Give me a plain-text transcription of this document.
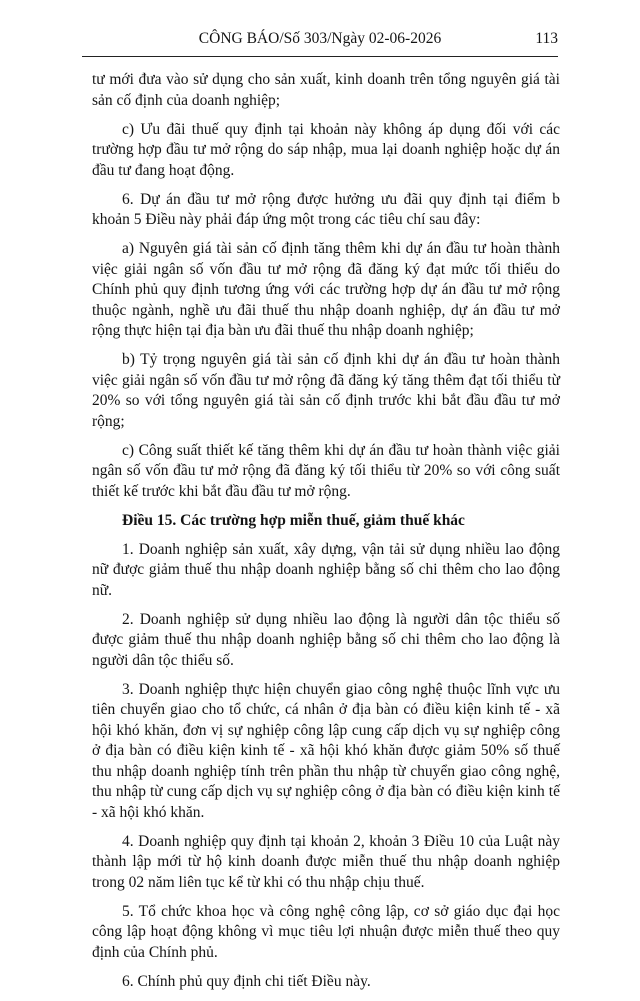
CÔNG BÁO/Số 303/Ngày 02-06-2026	113

tư mới đưa vào sử dụng cho sản xuất, kinh doanh trên tổng nguyên giá tài sản cố định của doanh nghiệp;

c) Ưu đãi thuế quy định tại khoản này không áp dụng đối với các trường hợp đầu tư mở rộng do sáp nhập, mua lại doanh nghiệp hoặc dự án đầu tư đang hoạt động.

6. Dự án đầu tư mở rộng được hưởng ưu đãi quy định tại điểm b khoản 5 Điều này phải đáp ứng một trong các tiêu chí sau đây:

a) Nguyên giá tài sản cố định tăng thêm khi dự án đầu tư hoàn thành việc giải ngân số vốn đầu tư mở rộng đã đăng ký đạt mức tối thiểu do Chính phủ quy định tương ứng với các trường hợp dự án đầu tư mở rộng thuộc ngành, nghề ưu đãi thuế thu nhập doanh nghiệp, dự án đầu tư mở rộng thực hiện tại địa bàn ưu đãi thuế thu nhập doanh nghiệp;

b) Tỷ trọng nguyên giá tài sản cố định khi dự án đầu tư hoàn thành việc giải ngân số vốn đầu tư mở rộng đã đăng ký tăng thêm đạt tối thiểu từ 20% so với tổng nguyên giá tài sản cố định trước khi bắt đầu đầu tư mở rộng;

c) Công suất thiết kế tăng thêm khi dự án đầu tư hoàn thành việc giải ngân số vốn đầu tư mở rộng đã đăng ký tối thiểu từ 20% so với công suất thiết kế trước khi bắt đầu đầu tư mở rộng.

Điều 15. Các trường hợp miễn thuế, giảm thuế khác

1. Doanh nghiệp sản xuất, xây dựng, vận tải sử dụng nhiều lao động nữ được giảm thuế thu nhập doanh nghiệp bằng số chi thêm cho lao động nữ.

2. Doanh nghiệp sử dụng nhiều lao động là người dân tộc thiểu số được giảm thuế thu nhập doanh nghiệp bằng số chi thêm cho lao động là người dân tộc thiểu số.

3. Doanh nghiệp thực hiện chuyển giao công nghệ thuộc lĩnh vực ưu tiên chuyển giao cho tổ chức, cá nhân ở địa bàn có điều kiện kinh tế - xã hội khó khăn, đơn vị sự nghiệp công lập cung cấp dịch vụ sự nghiệp công ở địa bàn có điều kiện kinh tế - xã hội khó khăn được giảm 50% số thuế thu nhập doanh nghiệp tính trên phần thu nhập từ chuyển giao công nghệ, thu nhập từ cung cấp dịch vụ sự nghiệp công ở địa bàn có điều kiện kinh tế - xã hội khó khăn.

4. Doanh nghiệp quy định tại khoản 2, khoản 3 Điều 10 của Luật này thành lập mới từ hộ kinh doanh được miễn thuế thu nhập doanh nghiệp trong 02 năm liên tục kể từ khi có thu nhập chịu thuế.

5. Tổ chức khoa học và công nghệ công lập, cơ sở giáo dục đại học công lập hoạt động không vì mục tiêu lợi nhuận được miễn thuế theo quy định của Chính phủ.

6. Chính phủ quy định chi tiết Điều này.
